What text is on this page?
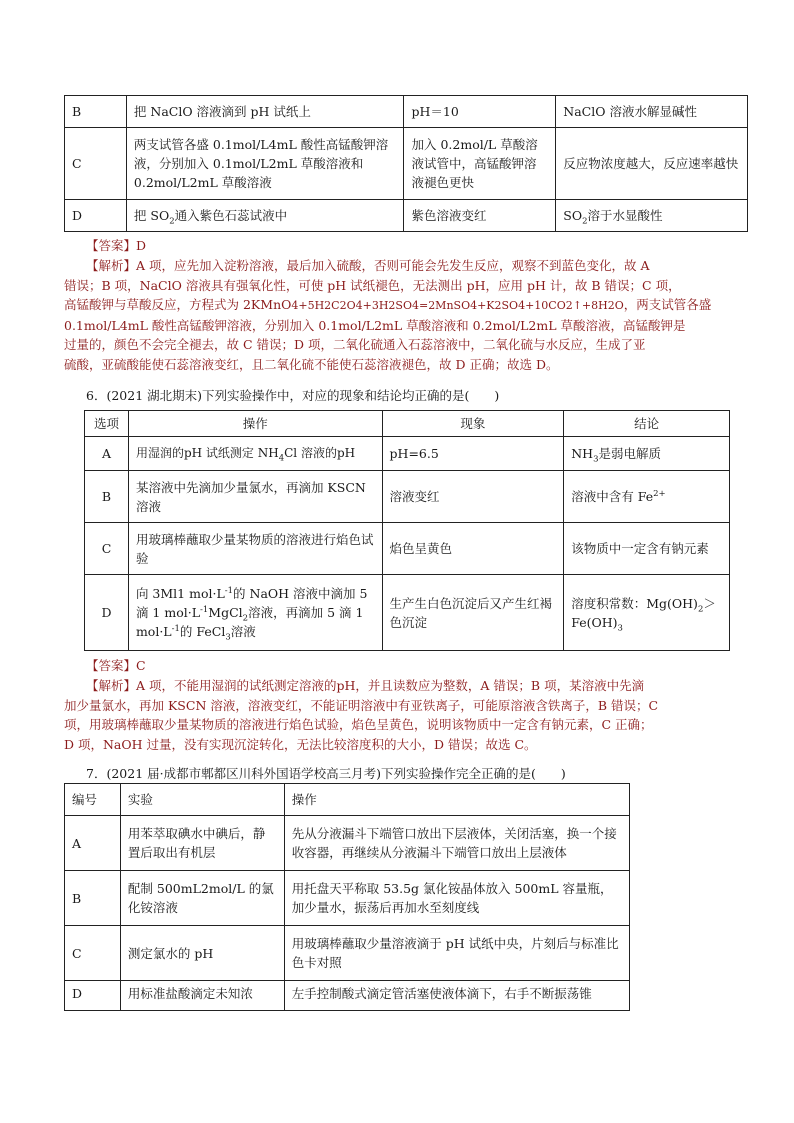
B	把 NaClO 溶液滴到 pH 试纸上	pH＝10	NaClO 溶液水解显碱性
C	两支试管各盛 0.1mol/L4mL 酸性高锰酸钾溶液，分别加入 0.1mol/L2mL 草酸溶液和 0.2mol/L2mL 草酸溶液	加入 0.2mol/L 草酸溶液试管中，高锰酸钾溶液褪色更快	反应物浓度越大，反应速率越快
D	把 $SO_2$通入紫色石蕊试液中	紫色溶液变红	$SO_2$溶于水显酸性
【答案】D
【解析】A 项，应先加入淀粉溶液，最后加入硫酸，否则可能会先发生反应，观察不到蓝色变化，故 A
错误；B 项，NaClO 溶液具有强氧化性，可使 pH 试纸褪色，无法测出 pH，应用 pH 计，故 B 错误；C 项，
高锰酸钾与草酸反应，方程式为 2KMnO4+5H2C2O4+3H2SO4=2MnSO4+K2SO4+10CO2↑+8H2O，两支试管各盛
0.1mol/L4mL 酸性高锰酸钾溶液，分别加入 0.1mol/L2mL 草酸溶液和 0.2mol/L2mL 草酸溶液，高锰酸钾是
过量的，颜色不会完全褪去，故 C 错误；D 项，二氧化硫通入石蕊溶液中，二氧化硫与水反应，生成了亚
硫酸，亚硫酸能使石蕊溶液变红，且二氧化硫不能使石蕊溶液褪色，故 D 正确；故选 D。
6．(2021 湖北期末)下列实验操作中，对应的现象和结论均正确的是(　　)
选项	操作	现象	结论
A	用湿润的pH 试纸测定 $NH_4Cl$ 溶液的pH	pH=6.5	$NH_3$是弱电解质
B	某溶液中先滴加少量氯水，再滴加 KSCN 溶液	溶液变红	溶液中含有 $Fe^{2+}$
C	用玻璃棒蘸取少量某物质的溶液进行焰色试验	焰色呈黄色	该物质中一定含有钠元素
D	向 3Ml1 $mol\cdot L^{-1}$的 NaOH 溶液中滴加 5 滴 1 $mol\cdot L^{-1}MgCl_2$溶液，再滴加 5 滴 1 $mol\cdot L^{-1}$的 FeCl$_3$溶液	生产生白色沉淀后又产生红褐色沉淀	溶度积常数：$Mg(OH)_2>Fe(OH)_3$
【答案】C
【解析】A 项，不能用湿润的试纸测定溶液的pH，并且读数应为整数，A 错误；B 项，某溶液中先滴
加少量氯水，再加 KSCN 溶液，溶液变红，不能证明溶液中有亚铁离子，可能原溶液含铁离子，B 错误；C
项，用玻璃棒蘸取少量某物质的溶液进行焰色试验，焰色呈黄色，说明该物质中一定含有钠元素，C 正确；
D 项，NaOH 过量，没有实现沉淀转化，无法比较溶度积的大小，D 错误；故选 C。
7．(2021 届·成都市郫都区川科外国语学校高三月考)下列实验操作完全正确的是(　　)
编号	实验	操作
A	用苯萃取碘水中碘后，静置后取出有机层	先从分液漏斗下端管口放出下层液体，关闭活塞，换一个接收容器，再继续从分液漏斗下端管口放出上层液体
B	配制 500mL2mol/L 的氯化铵溶液	用托盘天平称取 53.5g 氯化铵晶体放入 500mL 容量瓶，加少量水，振荡后再加水至刻度线
C	测定氯水的 pH	用玻璃棒蘸取少量溶液滴于 pH 试纸中央，片刻后与标准比色卡对照
D	用标准盐酸滴定未知浓	左手控制酸式滴定管活塞使液体滴下，右手不断振荡锥
